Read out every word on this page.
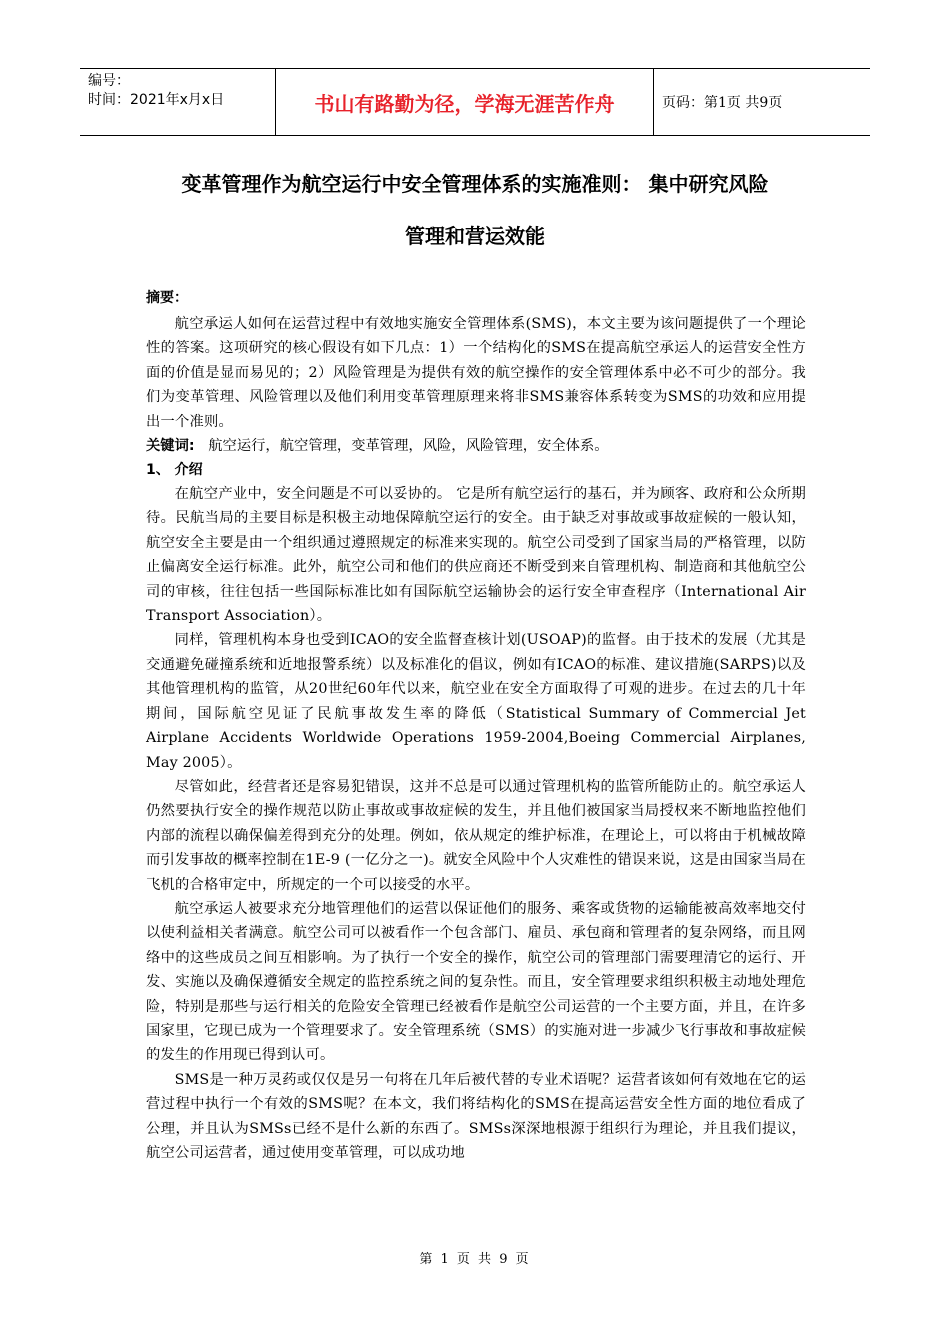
编号：
时间：2021年x月x日	书山有路勤为径，学海无涯苦作舟	页码：第1页 共9页
变革管理作为航空运行中安全管理体系的实施准则： 集中研究风险
管理和营运效能
摘要：

航空承运人如何在运营过程中有效地实施安全管理体系(SMS)，本文主要为该问题提供了一个理论性的答案。这项研究的核心假设有如下几点：1）一个结构化的SMS在提高航空承运人的运营安全性方面的价值是显而易见的；2）风险管理是为提供有效的航空操作的安全管理体系中必不可少的部分。我们为变革管理、风险管理以及他们利用变革管理原理来将非SMS兼容体系转变为SMS的功效和应用提出一个准则。

关键词: 航空运行，航空管理，变革管理，风险，风险管理，安全体系。
1、 介绍

在航空产业中，安全问题是不可以妥协的。 它是所有航空运行的基石，并为顾客、政府和公众所期待。民航当局的主要目标是积极主动地保障航空运行的安全。由于缺乏对事故或事故症候的一般认知，航空安全主要是由一个组织通过遵照规定的标准来实现的。航空公司受到了国家当局的严格管理，以防止偏离安全运行标准。此外，航空公司和他们的供应商还不断受到来自管理机构、制造商和其他航空公司的审核，往往包括一些国际标准比如有国际航空运输协会的运行安全审查程序（International Air Transport Association）。

同样，管理机构本身也受到ICAO的安全监督查核计划(USOAP)的监督。由于技术的发展（尤其是交通避免碰撞系统和近地报警系统）以及标准化的倡议，例如有ICAO的标准、建议措施(SARPS)以及其他管理机构的监管，从20世纪60年代以来，航空业在安全方面取得了可观的进步。在过去的几十年期间，国际航空见证了民航事故发生率的降低（Statistical Summary of Commercial Jet Airplane Accidents Worldwide Operations 1959-2004,Boeing Commercial Airplanes, May 2005）。

尽管如此，经营者还是容易犯错误，这并不总是可以通过管理机构的监管所能防止的。航空承运人仍然要执行安全的操作规范以防止事故或事故症候的发生，并且他们被国家当局授权来不断地监控他们内部的流程以确保偏差得到充分的处理。例如，依从规定的维护标准，在理论上，可以将由于机械故障而引发事故的概率控制在1E-9 (一亿分之一)。就安全风险中个人灾难性的错误来说，这是由国家当局在飞机的合格审定中，所规定的一个可以接受的水平。

航空承运人被要求充分地管理他们的运营以保证他们的服务、乘客或货物的运输能被高效率地交付以使利益相关者满意。航空公司可以被看作一个包含部门、雇员、承包商和管理者的复杂网络，而且网络中的这些成员之间互相影响。为了执行一个安全的操作，航空公司的管理部门需要理清它的运行、开发、实施以及确保遵循安全规定的监控系统之间的复杂性。而且，安全管理要求组织积极主动地处理危险，特别是那些与运行相关的危险安全管理已经被看作是航空公司运营的一个主要方面，并且，在许多国家里，它现已成为一个管理要求了。安全管理系统（SMS）的实施对进一步减少飞行事故和事故症候的发生的作用现已得到认可。

SMS是一种万灵药或仅仅是另一句将在几年后被代替的专业术语呢？运营者该如何有效地在它的运营过程中执行一个有效的SMS呢？在本文，我们将结构化的SMS在提高运营安全性方面的地位看成了公理，并且认为SMSs已经不是什么新的东西了。SMSs深深地根源于组织行为理论，并且我们提议，航空公司运营者，通过使用变革管理，可以成功地

第 1 页 共 9 页
